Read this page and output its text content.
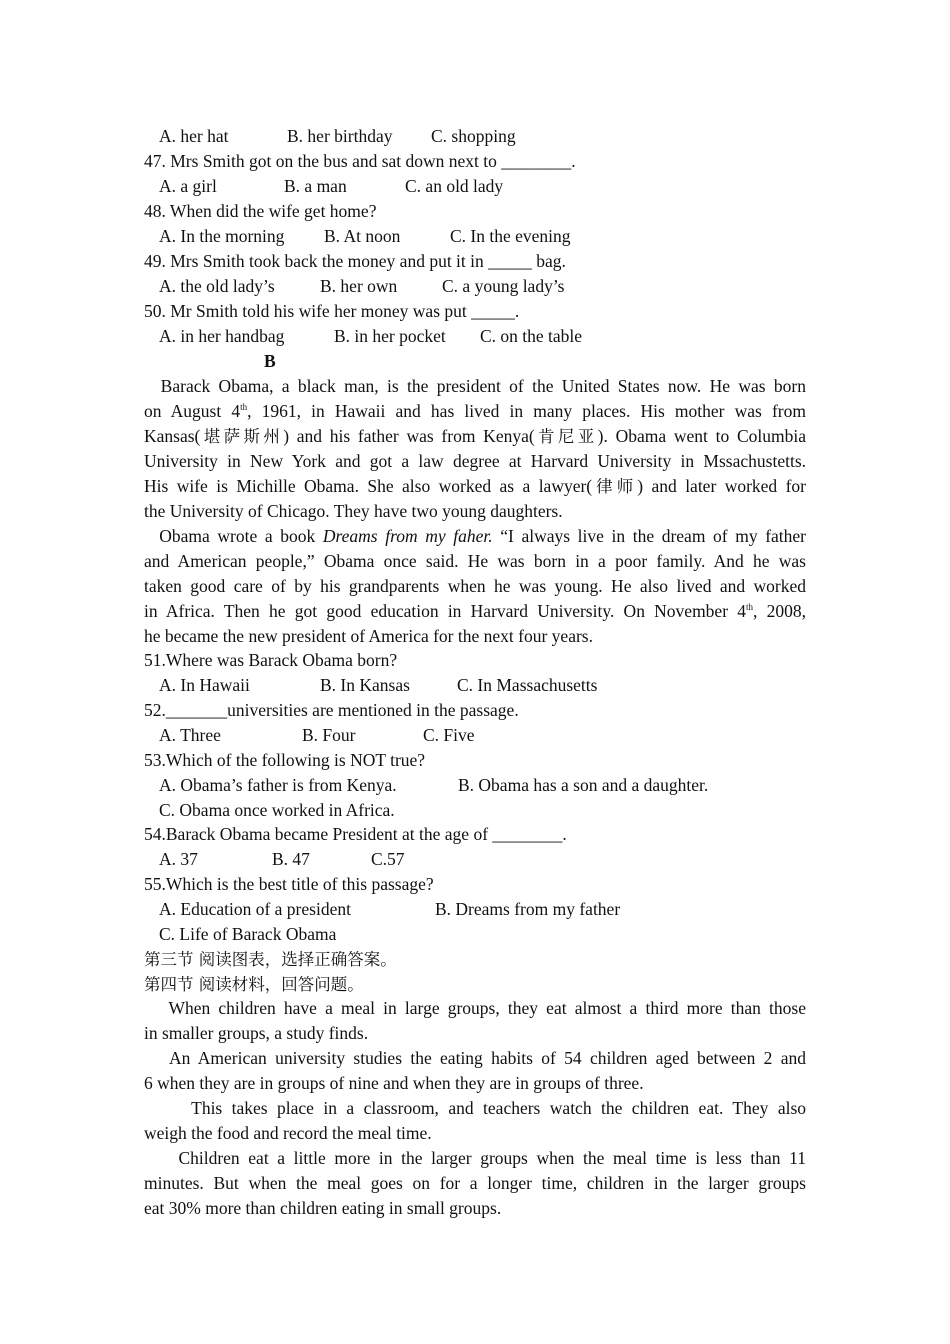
A. her hat	B. her birthday C. shopping
47. Mrs Smith got on the bus and sat down next to ________.
A. a girl	B. a man	C. an old lady
48. When did the wife get home?
A. In the morning B. At noon	C. In the evening
49. Mrs Smith took back the money and put it in _____ bag.
A. the old lady’s	B. her own	C. a young lady’s
50. Mr Smith told his wife her money was put _____.
A. in her handbag	B. in her pocket C. on the table
B
Barack Obama, a black man, is the president of the United States now. He was born
on August 4th, 1961, in Hawaii and has lived in many places. His mother was from
Kansas(堪萨斯州) and his father was from Kenya(肯尼亚). Obama went to Columbia
University in New York and got a law degree at Harvard University in Mssachustetts.
His wife is Michille Obama. She also worked as a lawyer(律师) and later worked for
the University of Chicago. They have two young daughters.
Obama wrote a book Dreams from my faher. “I always live in the dream of my father
and American people,” Obama once said. He was born in a poor family. And he was
taken good care of by his grandparents when he was young. He also lived and worked
in Africa. Then he got good education in Harvard University. On November 4th, 2008,
he became the new president of America for the next four years.
51.Where was Barack Obama born?
A. In Hawaii	B. In Kansas	C. In Massachusetts
52._______universities are mentioned in the passage.
A. Three	B. Four	C. Five
53.Which of the following is NOT true?
A. Obama’s father is from Kenya.	B. Obama has a son and a daughter.
C. Obama once worked in Africa.
54.Barack Obama became President at the age of ________.
A. 37	B. 47	C.57
55.Which is the best title of this passage?
A. Education of a president	B. Dreams from my father
C. Life of Barack Obama
第三节 阅读图表，选择正确答案。
第四节 阅读材料，回答问题。
When children have a meal in large groups, they eat almost a third more than those
in smaller groups, a study finds.
An American university studies the eating habits of 54 children aged between 2 and
6 when they are in groups of nine and when they are in groups of three.
This takes place in a classroom, and teachers watch the children eat. They also
weigh the food and record the meal time.
Children eat a little more in the larger groups when the meal time is less than 11
minutes. But when the meal goes on for a longer time, children in the larger groups
eat 30% more than children eating in small groups.
